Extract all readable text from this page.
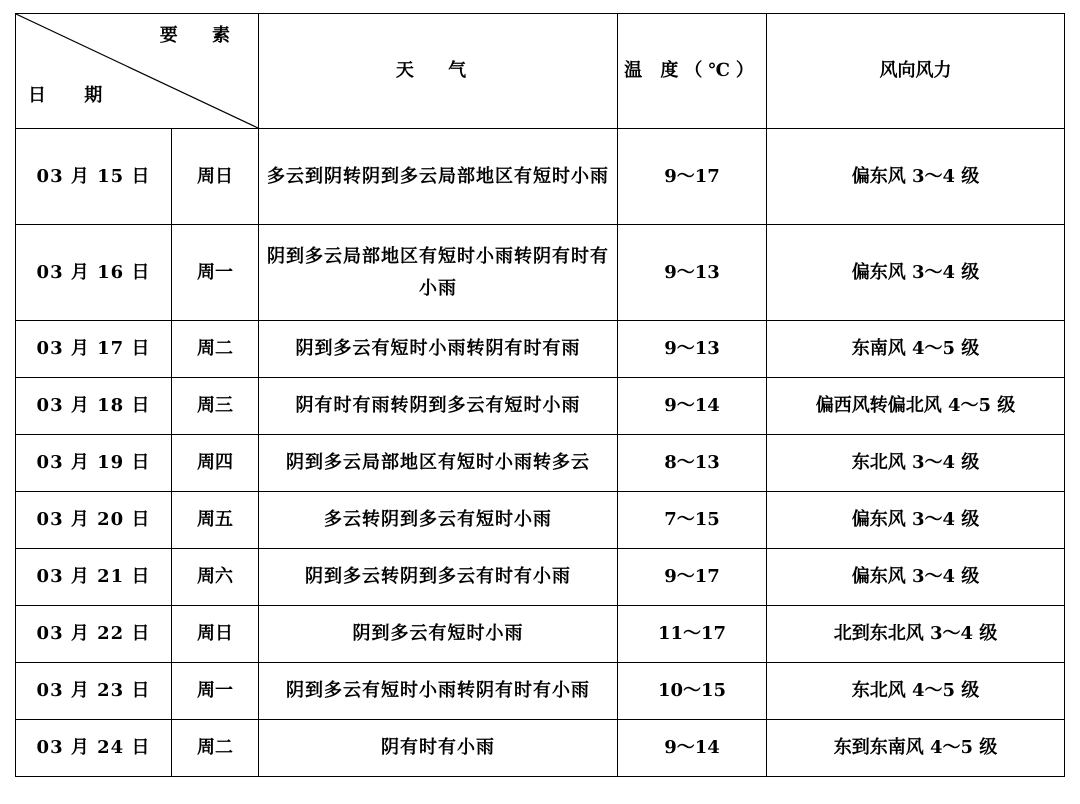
要 素
日 期		天 气	温 度（℃）	风向风力
03 月 15 日	周日	多云到阴转阴到多云局部地区有短时小雨	9～17	偏东风 3～4 级
03 月 16 日	周一	阴到多云局部地区有短时小雨转阴有时有小雨	9～13	偏东风 3～4 级
03 月 17 日	周二	阴到多云有短时小雨转阴有时有雨	9～13	东南风 4～5 级
03 月 18 日	周三	阴有时有雨转阴到多云有短时小雨	9～14	偏西风转偏北风 4～5 级
03 月 19 日	周四	阴到多云局部地区有短时小雨转多云	8～13	东北风 3～4 级
03 月 20 日	周五	多云转阴到多云有短时小雨	7～15	偏东风 3～4 级
03 月 21 日	周六	阴到多云转阴到多云有时有小雨	9～17	偏东风 3～4 级
03 月 22 日	周日	阴到多云有短时小雨	11～17	北到东北风 3～4 级
03 月 23 日	周一	阴到多云有短时小雨转阴有时有小雨	10～15	东北风 4～5 级
03 月 24 日	周二	阴有时有小雨	9～14	东到东南风 4～5 级
